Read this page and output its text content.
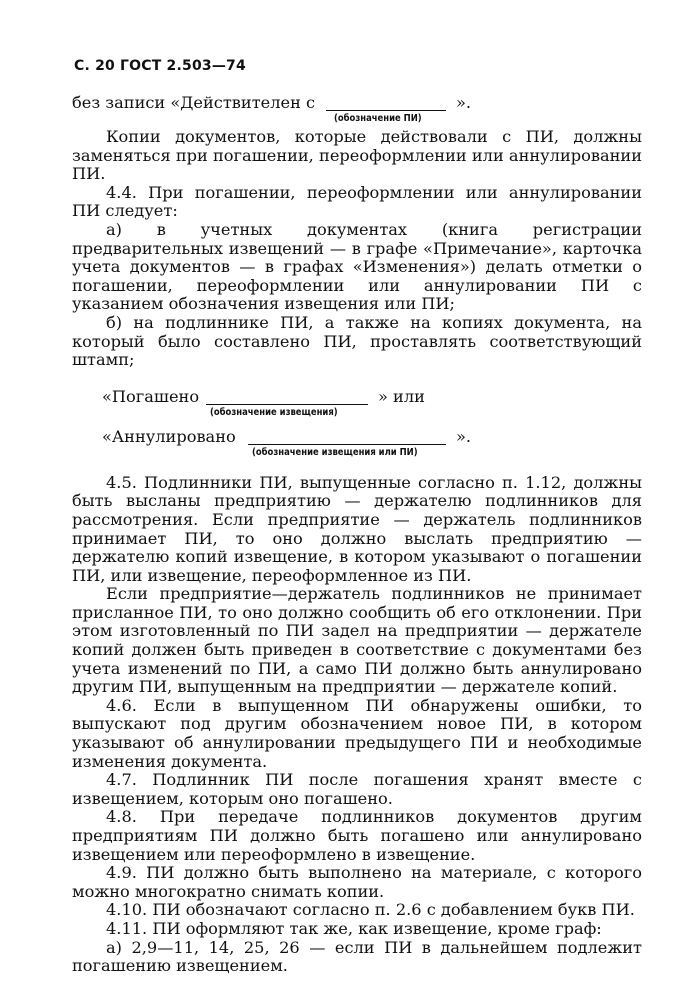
С. 20 ГОСТ 2.503—74
без записи «Действителен с
(обозначение ПИ)
».

Копии документов, которые действовали с ПИ, должны заменяться при погашении, переоформлении или аннулировании ПИ.

4.4. При погашении, переоформлении или аннулировании ПИ следует:

а) в учетных документах (книга регистрации предварительных извещений — в графе «Примечание», карточка учета документов — в графах «Изменения») делать отметки о погашении, переоформлении или аннулировании ПИ с указанием обозначения извещения или ПИ;

б) на подлиннике ПИ, а также на копиях документа, на который было составлено ПИ, проставлять соответствующий штамп;

«Погашено
(обозначение извещения)
» или
«Аннулировано
(обозначение извещения или ПИ)
».

4.5. Подлинники ПИ, выпущенные согласно п. 1.12, должны быть высланы предприятию — держателю подлинников для рассмотрения. Если предприятие — держатель подлинников принимает ПИ, то оно должно выслать предприятию — держателю копий извещение, в котором указывают о погашении ПИ, или извещение, переоформленное из ПИ.

Если предприятие—держатель подлинников не принимает присланное ПИ, то оно должно сообщить об его отклонении. При этом изготовленный по ПИ задел на предприятии — держателе копий должен быть приведен в соответствие с документами без учета изменений по ПИ, а само ПИ должно быть аннулировано другим ПИ, выпущенным на предприятии — держателе копий.

4.6. Если в выпущенном ПИ обнаружены ошибки, то выпускают под другим обозначением новое ПИ, в котором указывают об аннулировании предыдущего ПИ и необходимые изменения документа.

4.7. Подлинник ПИ после погашения хранят вместе с извещением, которым оно погашено.

4.8. При передаче подлинников документов другим предприятиям ПИ должно быть погашено или аннулировано извещением или переоформлено в извещение.

4.9. ПИ должно быть выполнено на материале, с которого можно многократно снимать копии.

4.10. ПИ обозначают согласно п. 2.6 с добавлением букв ПИ.

4.11. ПИ оформляют так же, как извещение, кроме граф:

а) 2,9—11, 14, 25, 26 — если ПИ в дальнейшем подлежит погашению извещением.
